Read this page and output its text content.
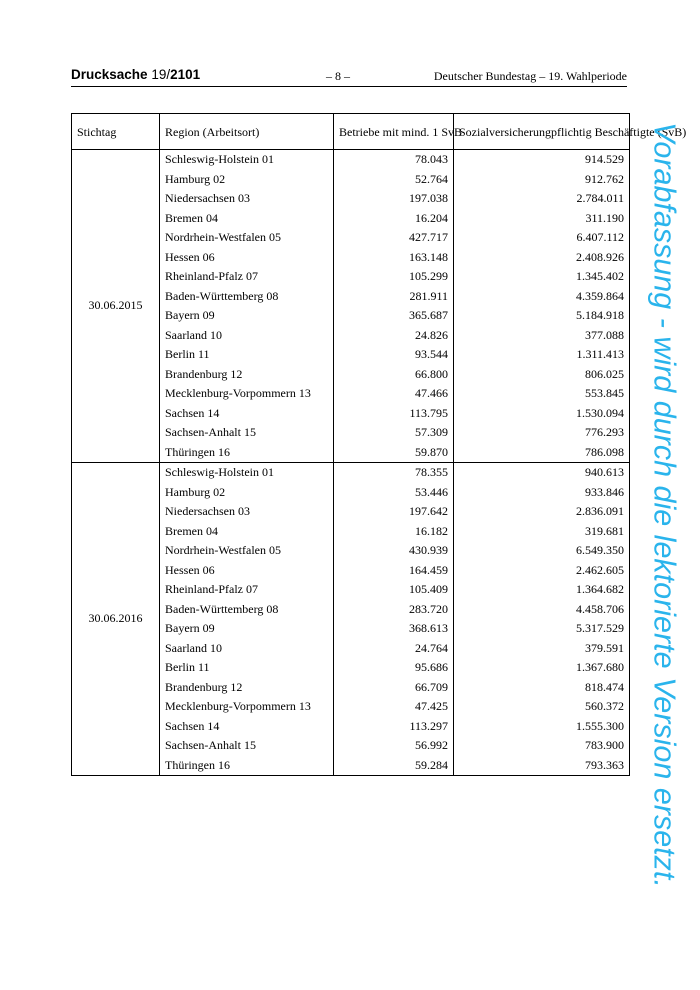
Drucksache 19/2101	– 8 –	Deutscher Bundestag – 19. Wahlperiode
Stichtag	Region (Arbeitsort)	Betriebe mit mind. 1 SvB	Sozialversicherungpflichtig Beschäftigte (SvB)
30.06.2015	Schleswig-Holstein 01	78.043	914.529
	Hamburg 02	52.764	912.762
	Niedersachsen 03	197.038	2.784.011
	Bremen 04	16.204	311.190
	Nordrhein-Westfalen 05	427.717	6.407.112
	Hessen 06	163.148	2.408.926
	Rheinland-Pfalz 07	105.299	1.345.402
	Baden-Württemberg 08	281.911	4.359.864
	Bayern 09	365.687	5.184.918
	Saarland 10	24.826	377.088
	Berlin 11	93.544	1.311.413
	Brandenburg 12	66.800	806.025
	Mecklenburg-Vorpommern 13	47.466	553.845
	Sachsen 14	113.795	1.530.094
	Sachsen-Anhalt 15	57.309	776.293
	Thüringen 16	59.870	786.098
30.06.2016	Schleswig-Holstein 01	78.355	940.613
	Hamburg 02	53.446	933.846
	Niedersachsen 03	197.642	2.836.091
	Bremen 04	16.182	319.681
	Nordrhein-Westfalen 05	430.939	6.549.350
	Hessen 06	164.459	2.462.605
	Rheinland-Pfalz 07	105.409	1.364.682
	Baden-Württemberg 08	283.720	4.458.706
	Bayern 09	368.613	5.317.529
	Saarland 10	24.764	379.591
	Berlin 11	95.686	1.367.680
	Brandenburg 12	66.709	818.474
	Mecklenburg-Vorpommern 13	47.425	560.372
	Sachsen 14	113.297	1.555.300
	Sachsen-Anhalt 15	56.992	783.900
	Thüringen 16	59.284	793.363 Vorabfassung - wird durch die lektorierte Version ersetzt.
